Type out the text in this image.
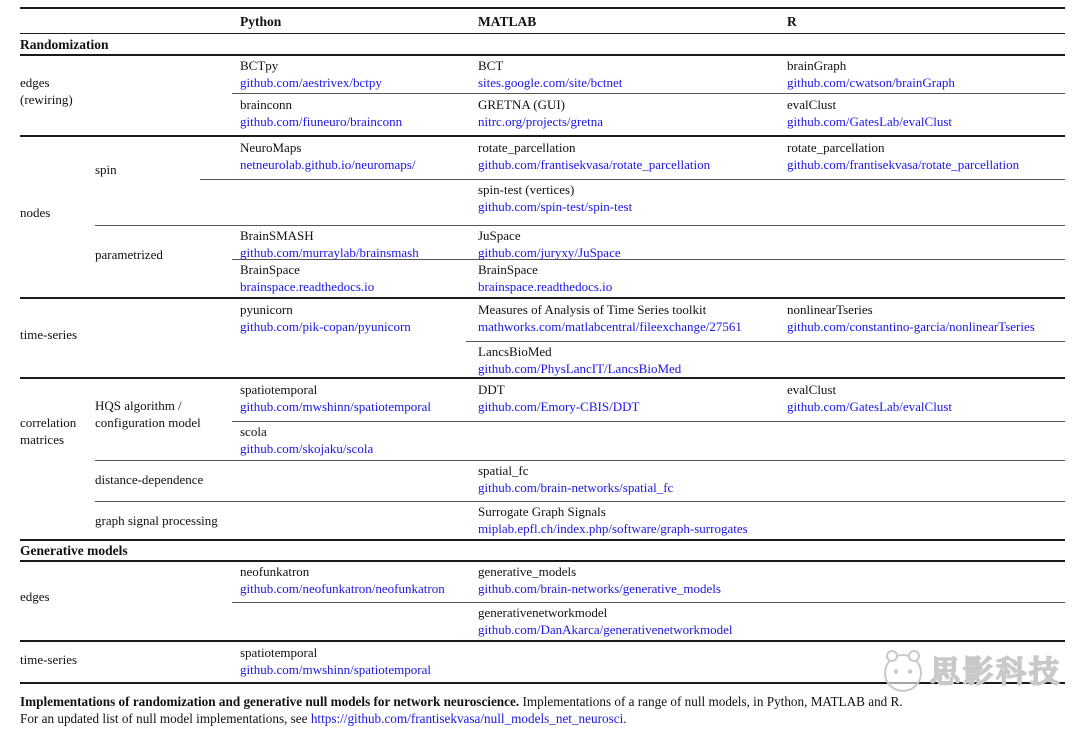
Python	MATLAB	R
Randomization
Generative models
edges
(rewiring)
nodes
spin
parametrized
time-series
correlation
matrices
HQS algorithm /
configuration model
distance-dependence
graph signal processing
edges
time-series
BCTpy
github.com/aestrivex/bctpy
BCT
sites.google.com/site/bctnet
brainGraph
github.com/cwatson/brainGraph
brainconn
github.com/fiuneuro/brainconn
GRETNA (GUI)
nitrc.org/projects/gretna
evalClust
github.com/GatesLab/evalClust
NeuroMaps
netneurolab.github.io/neuromaps/
rotate_parcellation
github.com/frantisekvasa/rotate_parcellation
rotate_parcellation
github.com/frantisekvasa/rotate_parcellation
spin-test (vertices)
github.com/spin-test/spin-test
BrainSMASH
github.com/murraylab/brainsmash
JuSpace
github.com/juryxy/JuSpace
BrainSpace
brainspace.readthedocs.io
BrainSpace
brainspace.readthedocs.io
pyunicorn
github.com/pik-copan/pyunicorn
Measures of Analysis of Time Series toolkit
mathworks.com/matlabcentral/fileexchange/27561
nonlinearTseries
github.com/constantino-garcia/nonlinearTseries
LancsBioMed
github.com/PhysLancIT/LancsBioMed
spatiotemporal
github.com/mwshinn/spatiotemporal
DDT
github.com/Emory-CBIS/DDT
evalClust
github.com/GatesLab/evalClust
scola
github.com/skojaku/scola
spatial_fc
github.com/brain-networks/spatial_fc
Surrogate Graph Signals
miplab.epfl.ch/index.php/software/graph-surrogates
neofunkatron
github.com/neofunkatron/neofunkatron
generative_models
github.com/brain-networks/generative_models
generativenetworkmodel
github.com/DanAkarca/generativenetworkmodel
spatiotemporal
github.com/mwshinn/spatiotemporal
Implementations of randomization and generative null models for network neuroscience. Implementations of a range of null models, in Python, MATLAB and R.
For an updated list of null model implementations, see https://github.com/frantisekvasa/null_models_net_neurosci.
思影科技
